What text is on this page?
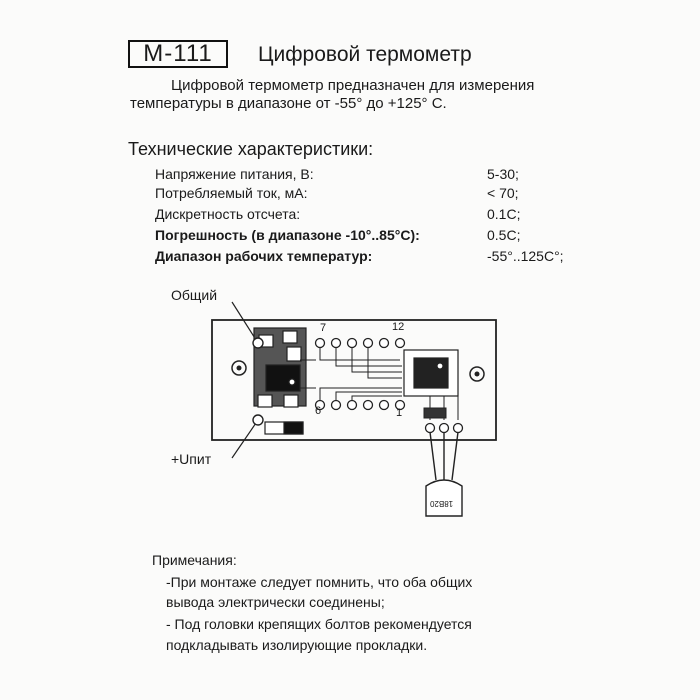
M-111	Цифровой термометр
Цифровой термометр предназначен для измерения
температуры в диапазоне от -55° до +125° С.
Технические характеристики:
Напряжение питания, В:	5-30;
Потребляемый ток, мА:	< 70;
Дискретность отсчета:	0.1C;
Погрешность (в диапазоне -10°..85°С):	0.5C;
Диапазон рабочих температур:	-55°..125C°;
Общий
+Uпит
7	12
6	1
18B20
Примечания:
-При монтаже следует помнить, что оба общих
вывода электрически соединены;
- Под головки крепящих болтов рекомендуется
подкладывать изолирующие прокладки.
